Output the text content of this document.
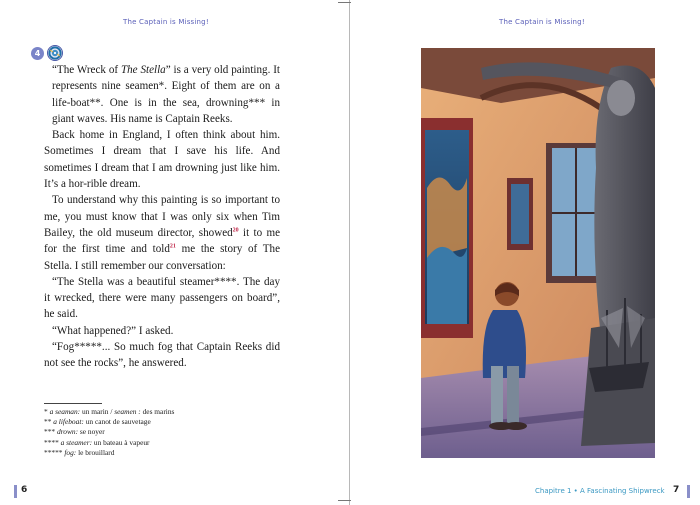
The Captain is Missing!
4

“The Wreck of The Stella” is a very old painting. It represents nine seamen*. Eight of them are on a life-boat**. One is in the sea, drowning*** in giant waves. His name is Captain Reeks.

Back home in England, I often think about him. Sometimes I dream that I save his life. And sometimes I dream that I am drowning just like him. It’s a hor-rible dream.

To understand why this painting is so important to me, you must know that I was only six when Tim Bailey, the old museum director, showed$^{20}$ it to me for the first time and told$^{21}$ me the story of The Stella. I still remember our conversation:

“The Stella was a beautiful steamer****. The day it wrecked, there were many passengers on board”, he said.

“What happened?” I asked.

“Fog*****... So much fog that Captain Reeks did not see the rocks”, he answered.

* a seaman: un marin / seamen : des marins
** a lifeboat: un canot de sauvetage
*** drown: se noyer
**** a steamer: un bateau à vapeur
***** fog: le brouillard
6
The Captain is Missing!
Chapitre 1 • A Fascinating Shipwreck 7
